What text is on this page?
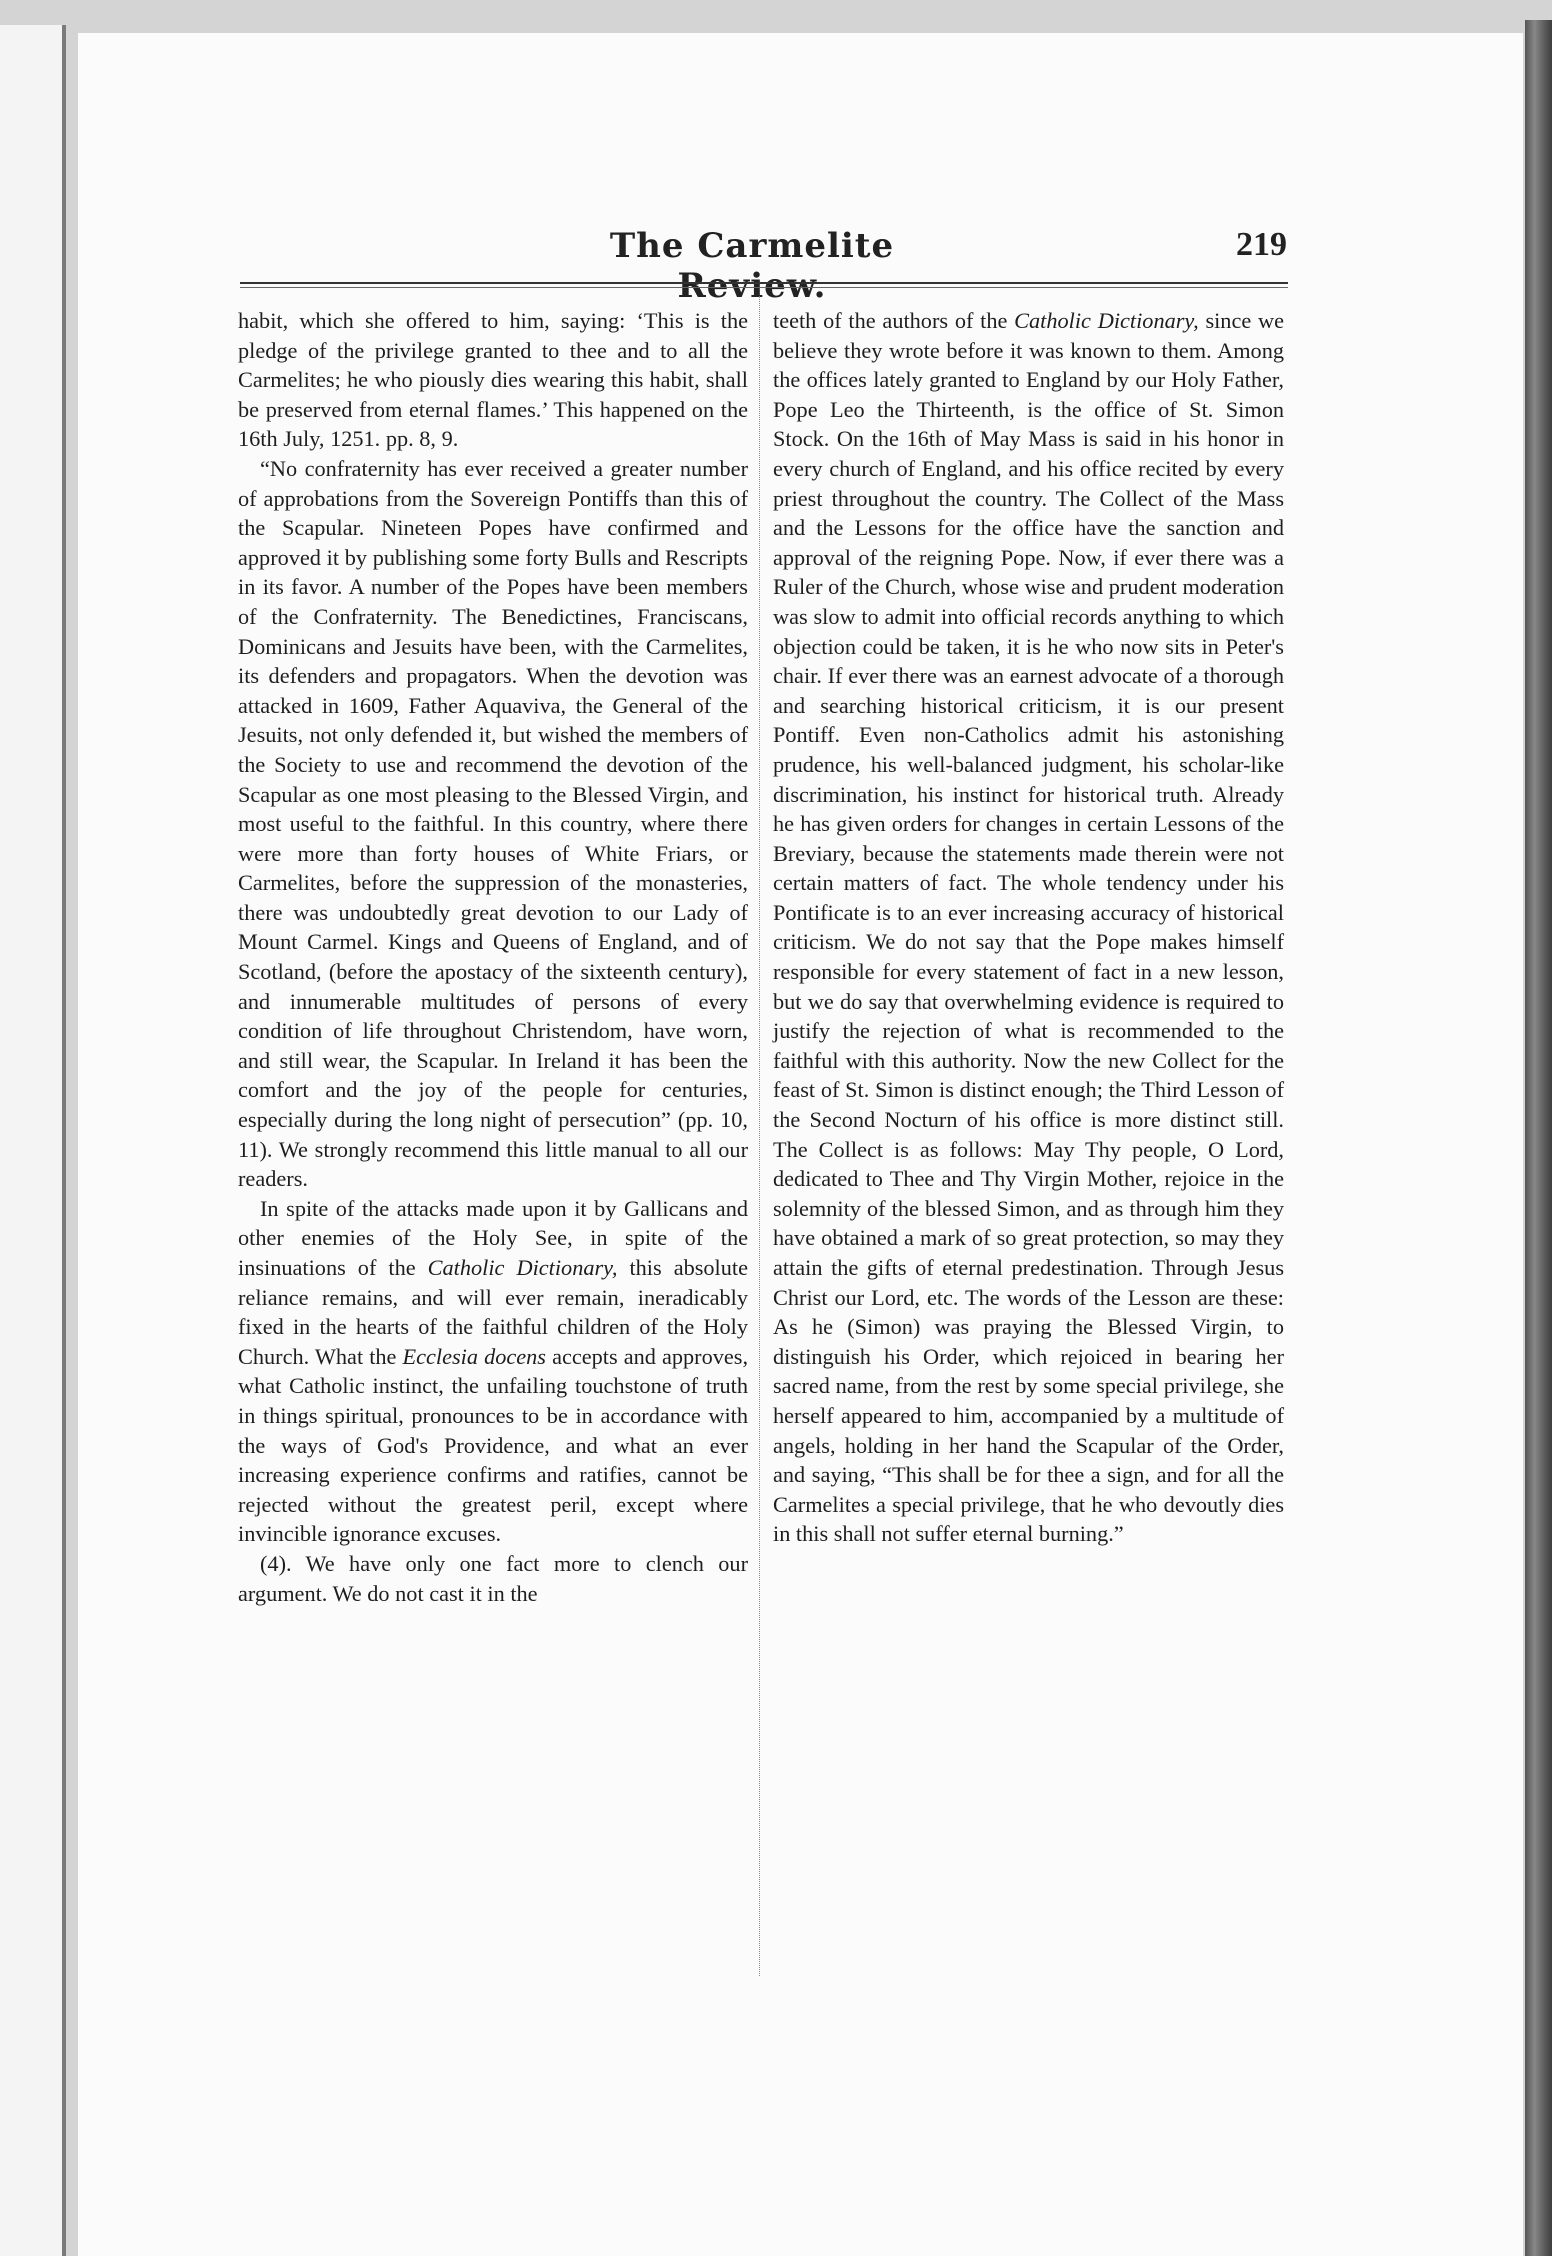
The Carmelite Review.
219

habit, which she offered to him, saying: ‘This is the pledge of the privilege granted to thee and to all the Carmelites; he who piously dies wearing this habit, shall be preserved from eternal flames.’ This happened on the 16th July, 1251. pp. 8, 9.

“No confraternity has ever received a greater number of approbations from the Sovereign Pontiffs than this of the Scapular. Nineteen Popes have confirmed and approved it by publishing some forty Bulls and Rescripts in its favor. A number of the Popes have been members of the Confraternity. The Benedictines, Franciscans, Dominicans and Jesuits have been, with the Carmelites, its defenders and propagators. When the devotion was attacked in 1609, Father Aquaviva, the General of the Jesuits, not only defended it, but wished the members of the Society to use and recommend the devotion of the Scapular as one most pleasing to the Blessed Virgin, and most useful to the faithful. In this country, where there were more than forty houses of White Friars, or Carmelites, before the suppression of the monasteries, there was undoubtedly great devotion to our Lady of Mount Carmel. Kings and Queens of England, and of Scotland, (before the apostacy of the sixteenth century), and innumerable multitudes of persons of every condition of life throughout Christendom, have worn, and still wear, the Scapular. In Ireland it has been the comfort and the joy of the people for centuries, especially during the long night of persecution” (pp. 10, 11). We strongly recommend this little manual to all our readers.

In spite of the attacks made upon it by Gallicans and other enemies of the Holy See, in spite of the insinuations of the Catholic Dictionary, this absolute reliance remains, and will ever remain, ineradicably fixed in the hearts of the faithful children of the Holy Church. What the Ecclesia docens accepts and approves, what Catholic instinct, the unfailing touchstone of truth in things spiritual, pronounces to be in accordance with the ways of God's Providence, and what an ever increasing experience confirms and ratifies, cannot be rejected without the greatest peril, except where invincible ignorance excuses.

(4). We have only one fact more to clench our argument. We do not cast it in the

teeth of the authors of the Catholic Dictionary, since we believe they wrote before it was known to them. Among the offices lately granted to England by our Holy Father, Pope Leo the Thirteenth, is the office of St. Simon Stock. On the 16th of May Mass is said in his honor in every church of England, and his office recited by every priest throughout the country. The Collect of the Mass and the Lessons for the office have the sanction and approval of the reigning Pope. Now, if ever there was a Ruler of the Church, whose wise and prudent moderation was slow to admit into official records anything to which objection could be taken, it is he who now sits in Peter's chair. If ever there was an earnest advocate of a thorough and searching historical criticism, it is our present Pontiff. Even non-Catholics admit his astonishing prudence, his well-balanced judgment, his scholar-like discrimination, his instinct for historical truth. Already he has given orders for changes in certain Lessons of the Breviary, because the statements made therein were not certain matters of fact. The whole tendency under his Pontificate is to an ever increasing accuracy of historical criticism. We do not say that the Pope makes himself responsible for every statement of fact in a new lesson, but we do say that overwhelming evidence is required to justify the rejection of what is recommended to the faithful with this authority. Now the new Collect for the feast of St. Simon is distinct enough; the Third Lesson of the Second Nocturn of his office is more distinct still. The Collect is as follows: May Thy people, O Lord, dedicated to Thee and Thy Virgin Mother, rejoice in the solemnity of the blessed Simon, and as through him they have obtained a mark of so great protection, so may they attain the gifts of eternal predestination. Through Jesus Christ our Lord, etc. The words of the Lesson are these: As he (Simon) was praying the Blessed Virgin, to distinguish his Order, which rejoiced in bearing her sacred name, from the rest by some special privilege, she herself appeared to him, accompanied by a multitude of angels, holding in her hand the Scapular of the Order, and saying, “This shall be for thee a sign, and for all the Carmelites a special privilege, that he who devoutly dies in this shall not suffer eternal burning.”
